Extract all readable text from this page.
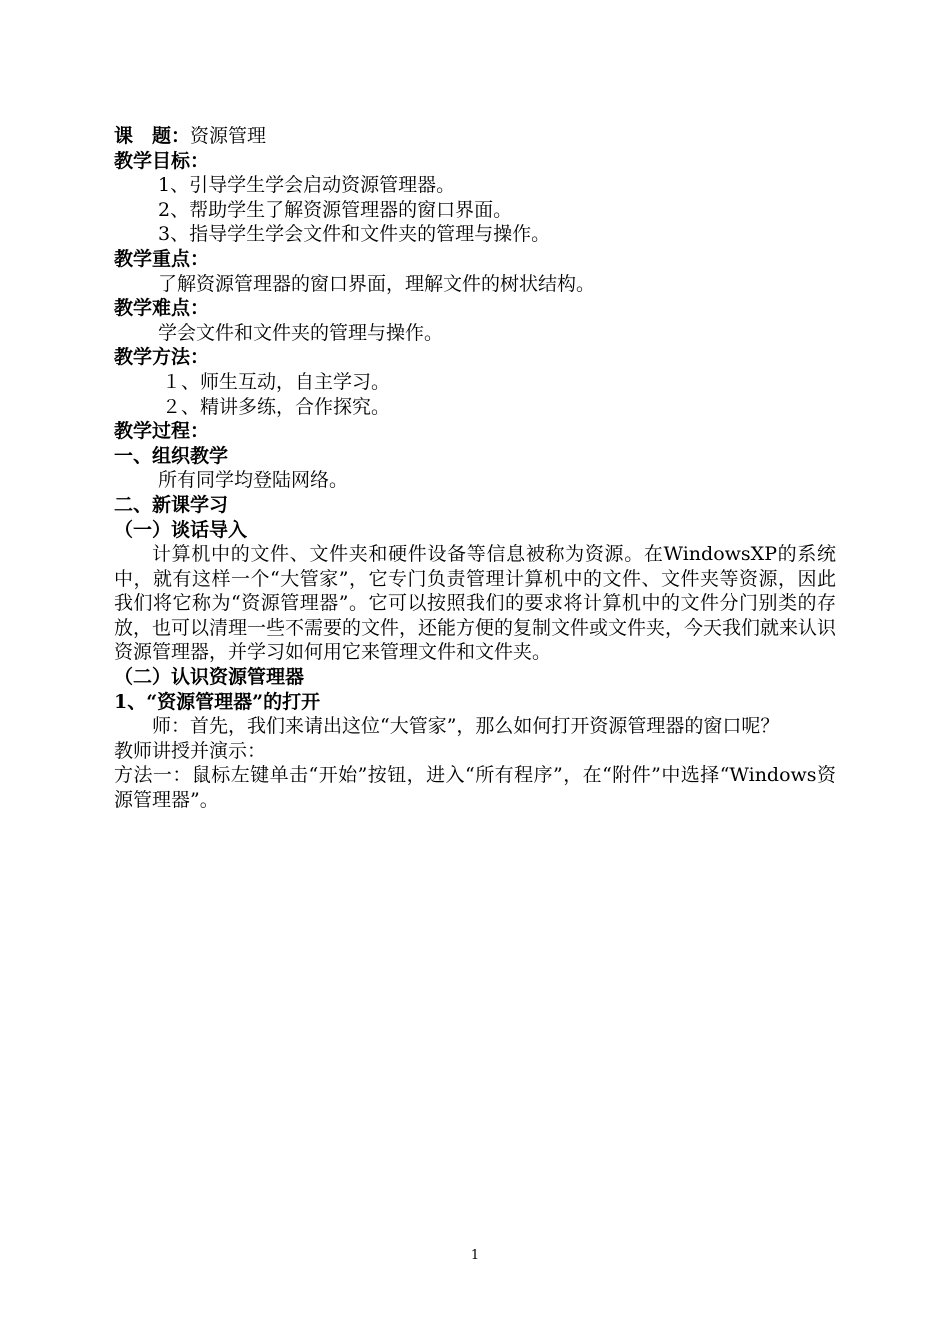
课　题：资源管理
教学目标：
1、引导学生学会启动资源管理器。
2、帮助学生了解资源管理器的窗口界面。
3、指导学生学会文件和文件夹的管理与操作。
教学重点：
了解资源管理器的窗口界面，理解文件的树状结构。
教学难点：
学会文件和文件夹的管理与操作。
教学方法：
１、师生互动，自主学习。
２、精讲多练，合作探究。
教学过程：
一、组织教学
所有同学均登陆网络。
二、新课学习
（一）谈话导入
计算机中的文件、文件夹和硬件设备等信息被称为资源。在WindowsXP的系统中，就有这样一个“大管家”，它专门负责管理计算机中的文件、文件夹等资源，因此我们将它称为“资源管理器”。它可以按照我们的要求将计算机中的文件分门别类的存放，也可以清理一些不需要的文件，还能方便的复制文件或文件夹，今天我们就来认识资源管理器，并学习如何用它来管理文件和文件夹。
（二）认识资源管理器
1、“资源管理器”的打开
师：首先，我们来请出这位“大管家”，那么如何打开资源管理器的窗口呢？
教师讲授并演示：
方法一：鼠标左键单击“开始”按钮，进入“所有程序”，在“附件”中选择“Windows资源管理器”。
1
